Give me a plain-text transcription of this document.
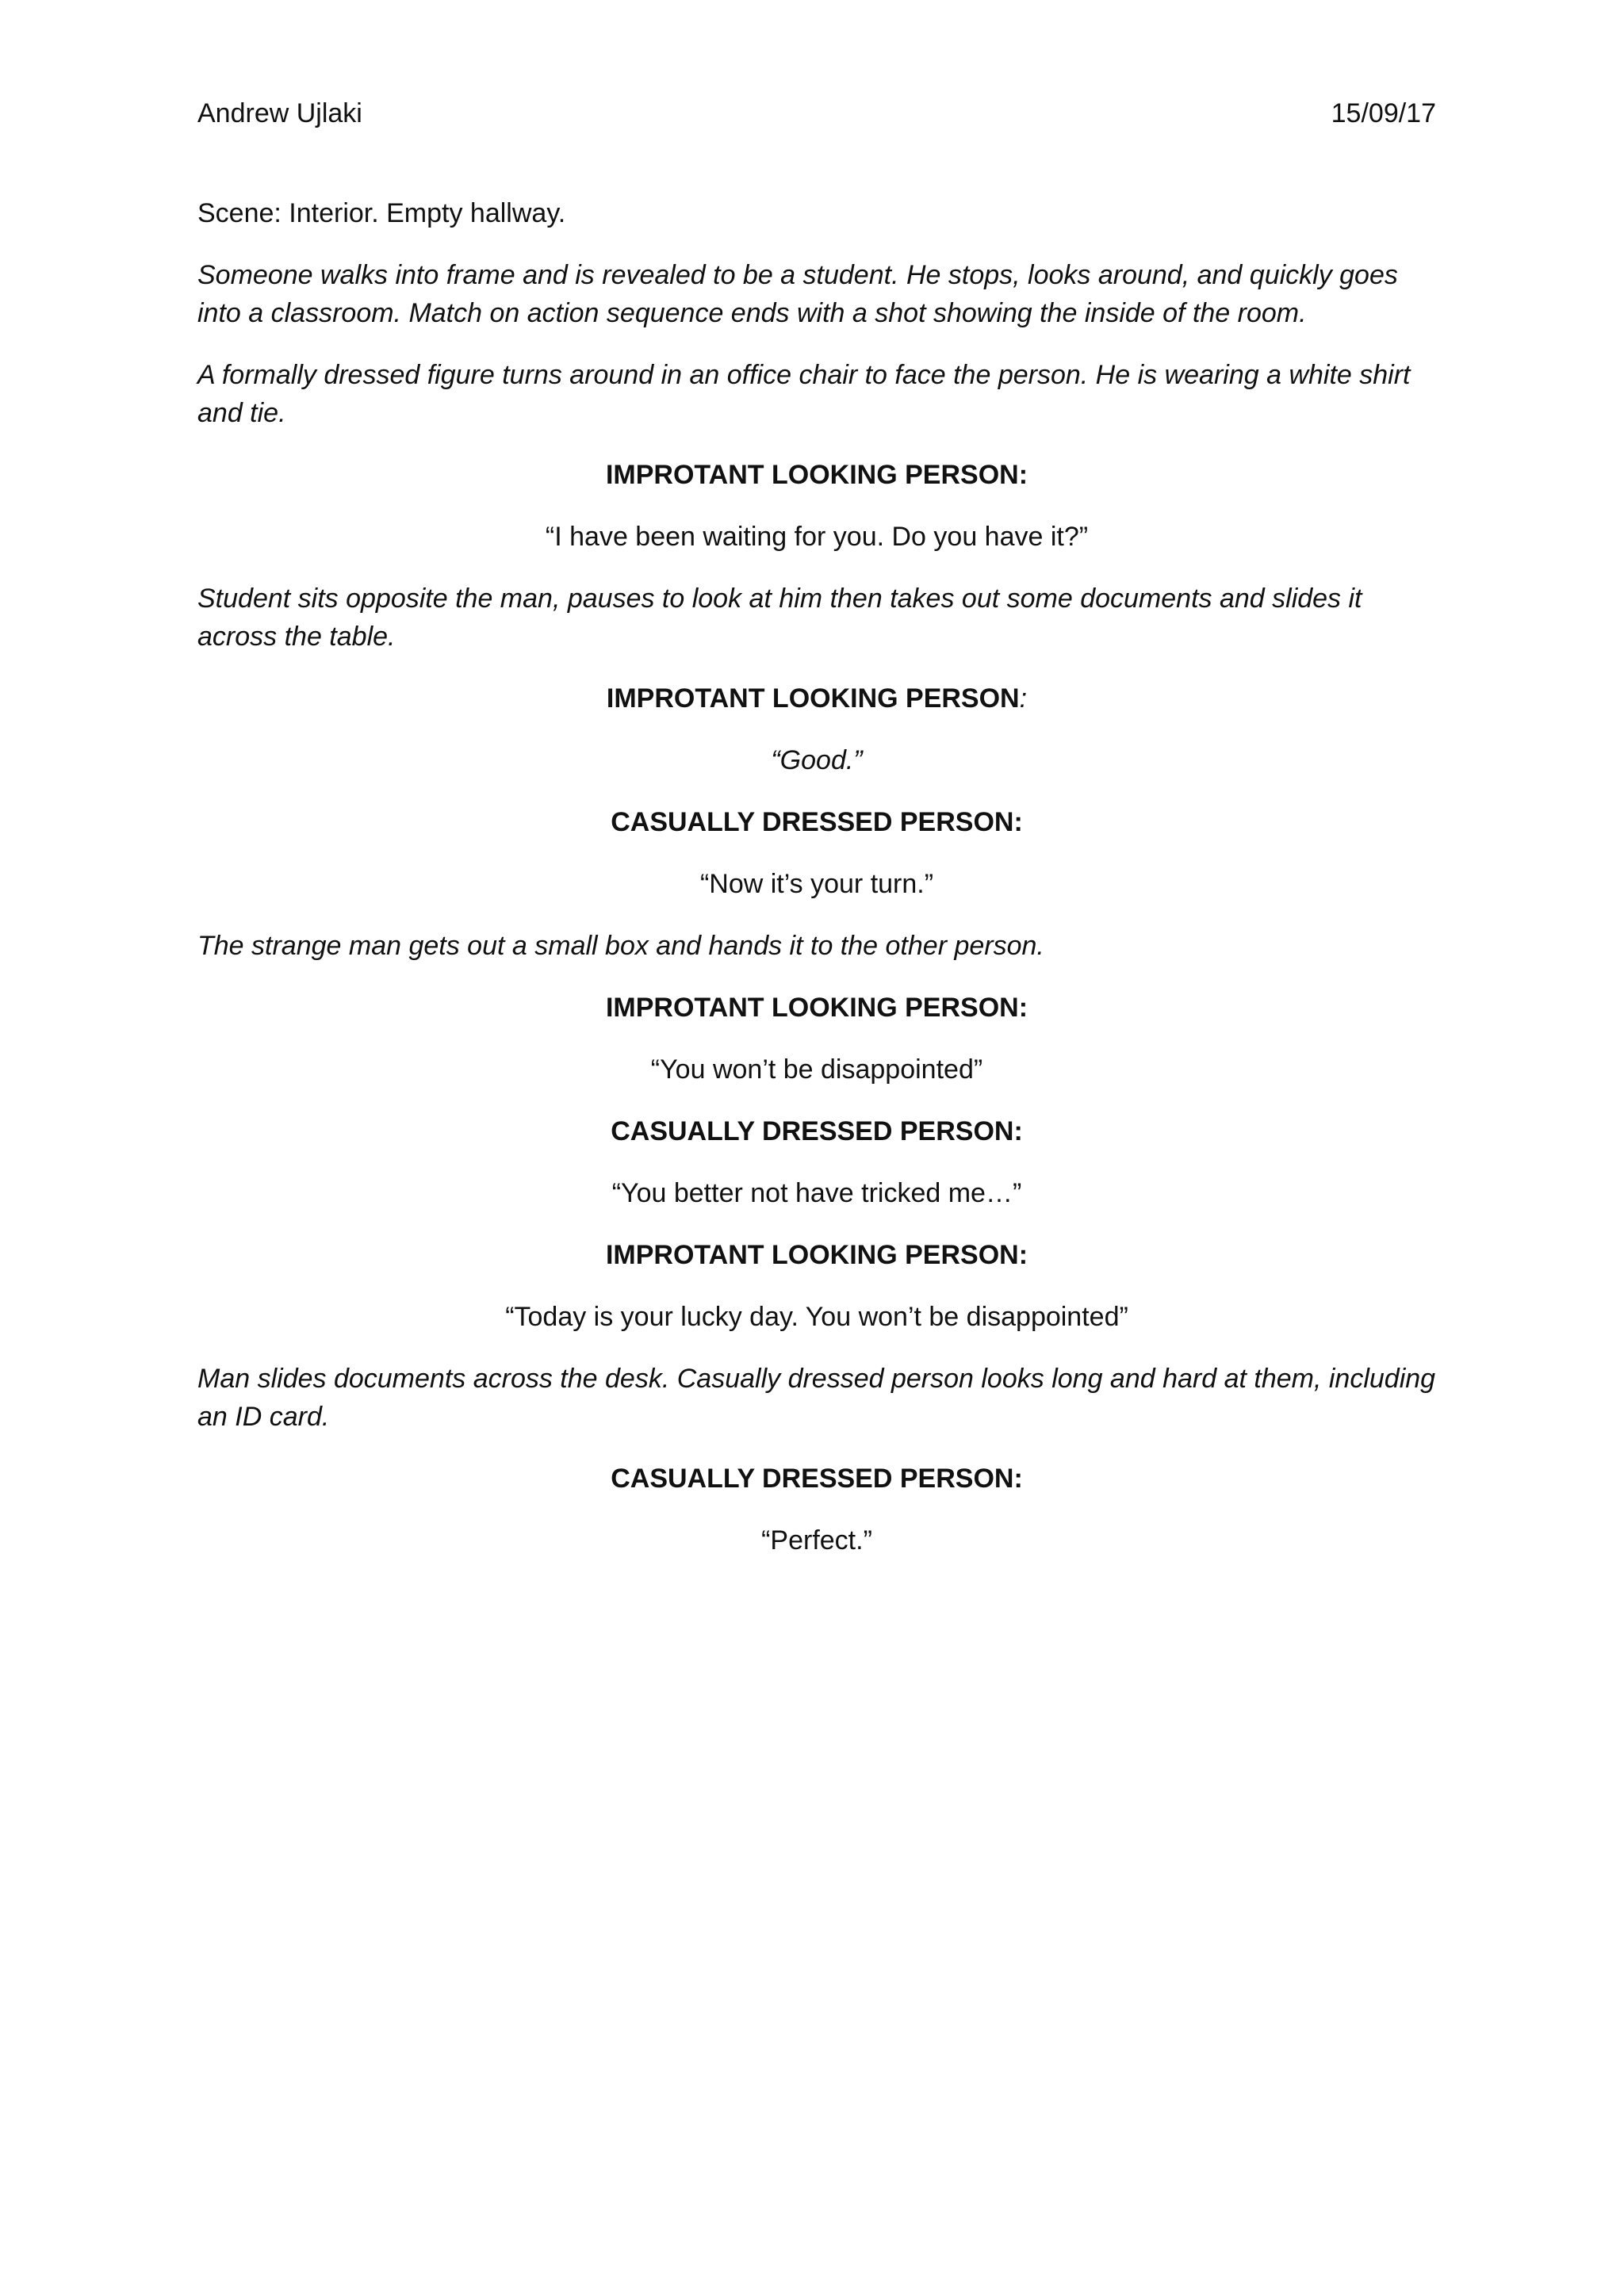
Andrew Ujlaki	15/09/17

Scene: Interior. Empty hallway.

Someone walks into frame and is revealed to be a student. He stops, looks around, and quickly goes into a classroom. Match on action sequence ends with a shot showing the inside of the room.

A formally dressed figure turns around in an office chair to face the person. He is wearing a white shirt and tie.

IMPROTANT LOOKING PERSON:

“I have been waiting for you. Do you have it?”

Student sits opposite the man, pauses to look at him then takes out some documents and slides it across the table.

IMPROTANT LOOKING PERSON:

“Good.”

CASUALLY DRESSED PERSON:

“Now it’s your turn.”

The strange man gets out a small box and hands it to the other person.

IMPROTANT LOOKING PERSON:

“You won’t be disappointed”

CASUALLY DRESSED PERSON:

“You better not have tricked me…”

IMPROTANT LOOKING PERSON:

“Today is your lucky day. You won’t be disappointed”

Man slides documents across the desk. Casually dressed person looks long and hard at them, including an ID card.

CASUALLY DRESSED PERSON:

“Perfect.”
